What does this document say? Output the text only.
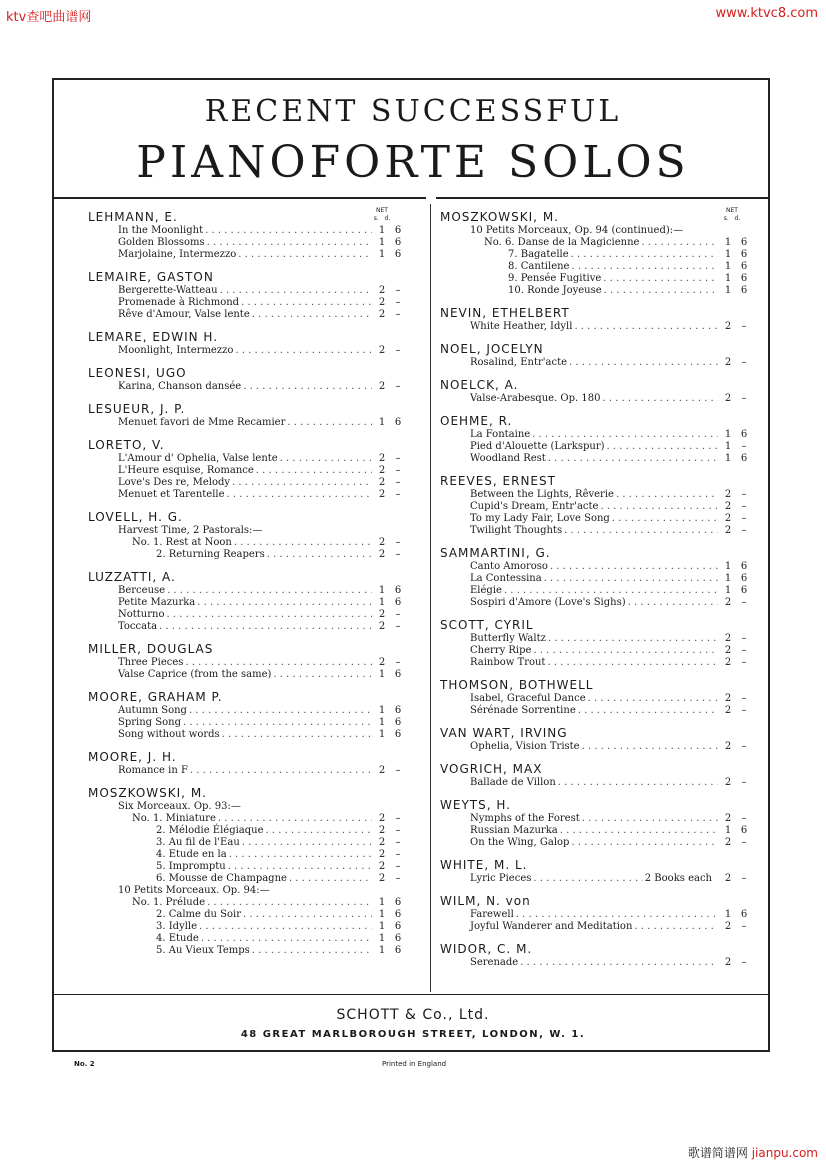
ktv查吧曲谱网	www.ktvc8.com
歌谱简谱网 jianpu.com
RECENT SUCCESSFUL
PIANOFORTE SOLOS
NET
s. d.
NET
s. d.
LEHMANN, E.
In the Moonlight . . .	1 6
Golden Blossoms . . .	1 6
Marjolaine, Intermezzo . . .	1 6
LEMAIRE, GASTON
Bergerette-Watteau . . .	2	–
Promenade à Richmond . . .	2	–
Rêve d'Amour, Valse lente . . .	2	–
LEMARE, EDWIN H.
Moonlight, Intermezzo . . .	2	–
LEONESI, UGO
Karina, Chanson dansée . . .	2	–
LESUEUR, J. P.
Menuet favori de Mme Recamier . . .	1 6
LORETO, V.
L'Amour d' Ophelia, Valse lente . . .	2	–
L'Heure esquise, Romance . . .	2	–
Love's Des re, Melody . . .	2	–
Menuet et Tarentelle . . .	2	–
LOVELL, H. G.
Harvest Time, 2 Pastorals:—
No. 1. Rest at Noon . . .	2	–
2. Returning Reapers . . .	2	–
LUZZATTI, A.
Berceuse . . .	1 6
Petite Mazurka . . .	1 6
Notturno . . .	2	–
Toccata . . .	2	–
MILLER, DOUGLAS
Three Pieces . . .	2	–
Valse Caprice (from the same) . . .	1 6
MOORE, GRAHAM P.
Autumn Song . . .	1 6
Spring Song . . .	1 6
Song without words . . .	1 6
MOORE, J. H.
Romance in F . . .	2	–
MOSZKOWSKI, M.
Six Morceaux. Op. 93:—
No. 1. Miniature . . .	2	–
2. Mélodie Élégiaque . . .	2	–
3. Au fil de l'Eau . . .	2	–
4. Etude en la . . .	2	–
5. Impromptu . . .	2	–
6. Mousse de Champagne . . .	2	–
10 Petits Morceaux. Op. 94:—
No. 1. Prélude . . .	1 6
2. Calme du Soir . . .	1 6
3. Idylle . . .	1 6
4. Etude . . .	1 6
5. Au Vieux Temps . . .	1 6
MOSZKOWSKI, M.
10 Petits Morceaux, Op. 94 (continued):—
No. 6. Danse de la Magicienne . . .	1 6
7. Bagatelle . . .	1 6
8. Cantilene . . .	1 6
9. Pensée Fugitive . . .	1 6
10. Ronde Joyeuse . . .	1 6
NEVIN, ETHELBERT
White Heather, Idyll . . .	2	–
NOEL, JOCELYN
Rosalind, Entr'acte . . .	2	–
NOELCK, A.
Valse-Arabesque. Op. 180 . . .	2	–
OEHME, R.
La Fontaine . . .	1 6
Pied d'Alouette (Larkspur) . . .	1	–
Woodland Rest . . .	1 6
REEVES, ERNEST
Between the Lights, Rêverie . . .	2	–
Cupid's Dream, Entr'acte . . .	2	–
To my Lady Fair, Love Song . . .	2	–
Twilight Thoughts . . .	2	–
SAMMARTINI, G.
Canto Amoroso . . .	1 6
La Contessina . . .	1 6
Elégie . . .	1 6
Sospiri d'Amore (Love's Sighs) . . .	2	–
SCOTT, CYRIL
Butterfly Waltz . . .	2	–
Cherry Ripe . . .	2	–
Rainbow Trout . . .	2	–
THOMSON, BOTHWELL
Isabel, Graceful Dance . . .	2	–
Sérénade Sorrentine . . .	2	–
VAN WART, IRVING
Ophelia, Vision Triste . . .	2	–
VOGRICH, MAX
Ballade de Villon . . .	2	–
WEYTS, H.
Nymphs of the Forest . . .	2	–
Russian Mazurka . . .	1 6
On the Wing, Galop . . .	2	–
WHITE, M. L.
Lyric Pieces . . .	2 Books each	2	–
WILM, N. von
Farewell . . .	1 6
Joyful Wanderer and Meditation . . .	2	–
WIDOR, C. M.
Serenade . . .	2	–
SCHOTT & Co., Ltd.
48 GREAT MARLBOROUGH STREET, LONDON, W. 1.
No. 2	Printed in England
